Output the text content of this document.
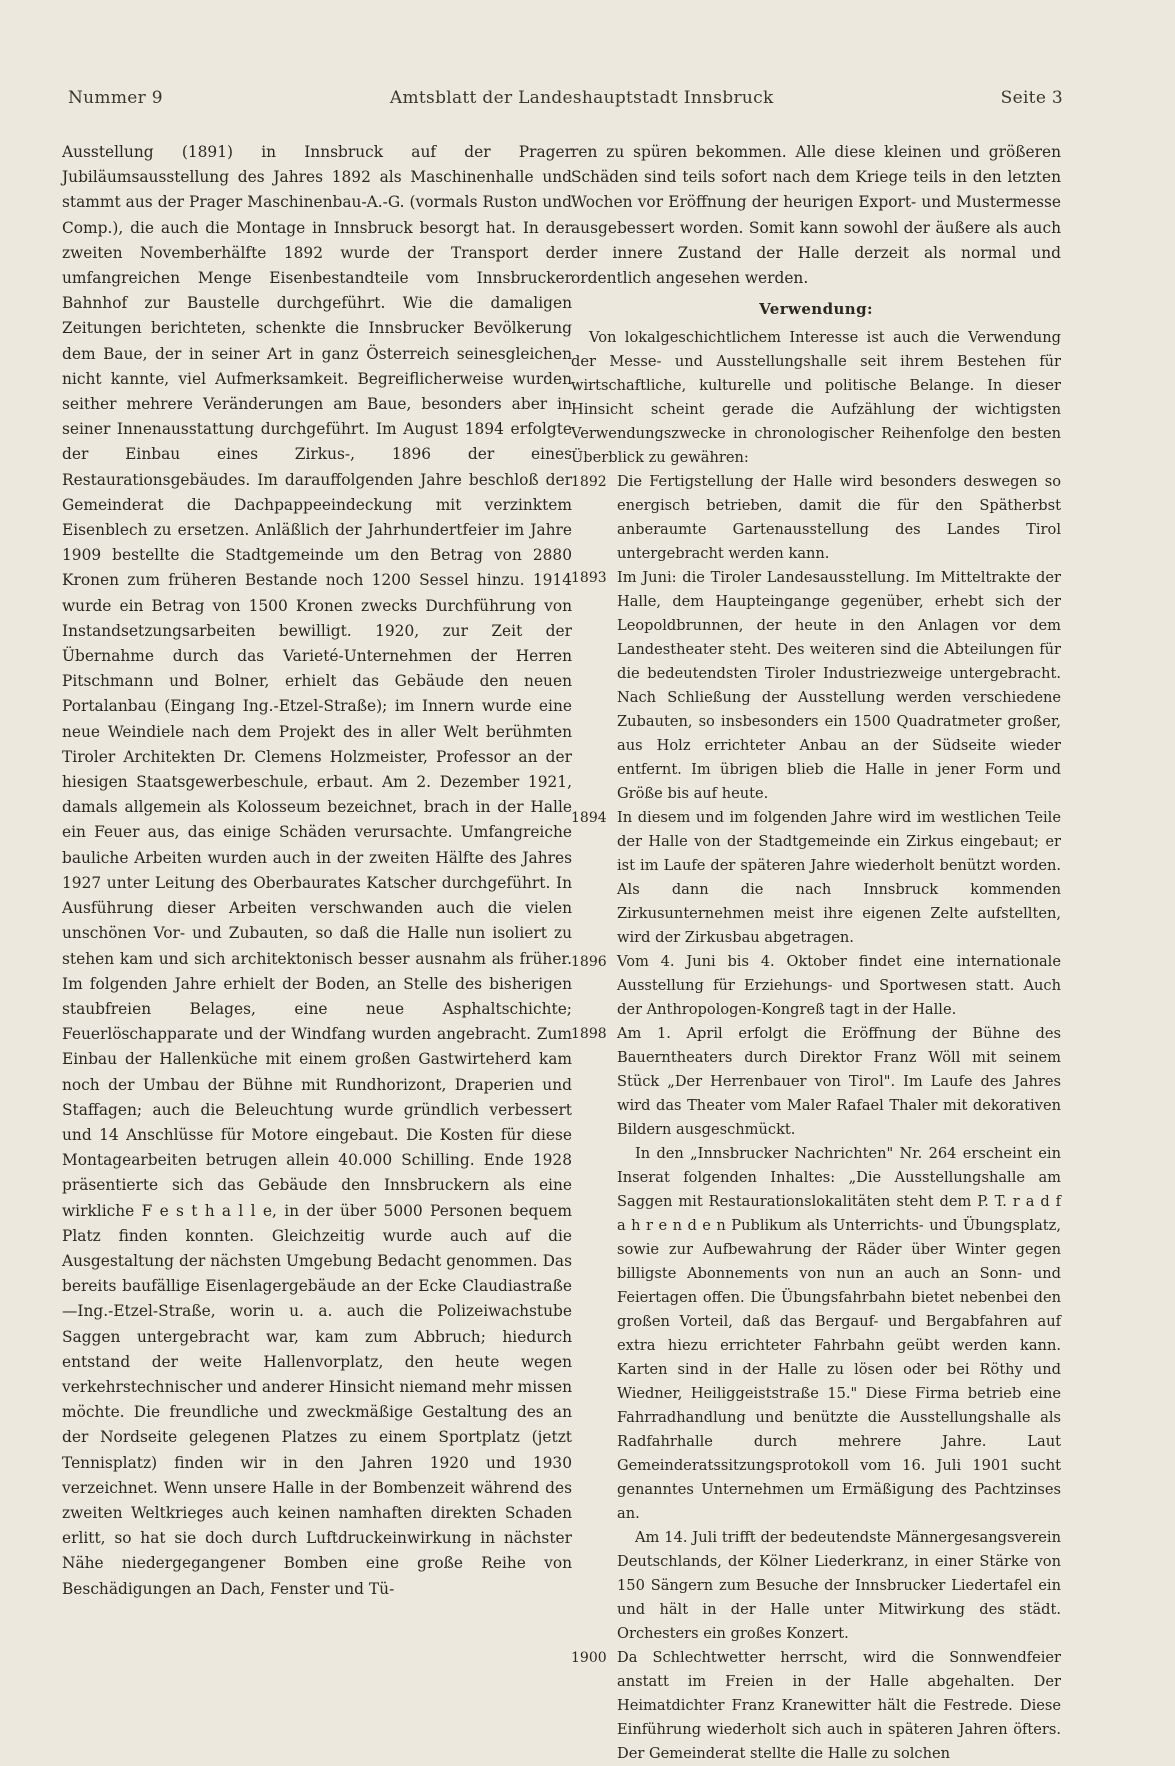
Nummer 9	Amtsblatt der Landeshauptstadt Innsbruck	Seite 3

Ausstellung (1891) in Innsbruck auf der Prager Jubiläumsausstellung des Jahres 1892 als Maschinenhalle und stammt aus der Prager Maschinenbau-A.-G. (vormals Ruston und Comp.), die auch die Montage in Innsbruck besorgt hat. In der zweiten Novemberhälfte 1892 wurde der Transport der umfangreichen Menge Eisenbestandteile vom Innsbrucker Bahnhof zur Baustelle durchgeführt. Wie die damaligen Zeitungen berichteten, schenkte die Innsbrucker Bevölkerung dem Baue, der in seiner Art in ganz Österreich seinesgleichen nicht kannte, viel Aufmerksamkeit. Begreiflicherweise wurden seither mehrere Veränderungen am Baue, besonders aber in seiner Innenausstattung durchgeführt. Im August 1894 erfolgte der Einbau eines Zirkus-, 1896 der eines Restaurationsgebäudes. Im darauffolgenden Jahre beschloß der Gemeinderat die Dachpappeeindeckung mit verzinktem Eisenblech zu ersetzen. Anläßlich der Jahrhundertfeier im Jahre 1909 bestellte die Stadtgemeinde um den Betrag von 2880 Kronen zum früheren Bestande noch 1200 Sessel hinzu. 1914 wurde ein Betrag von 1500 Kronen zwecks Durchführung von Instandsetzungsarbeiten bewilligt. 1920, zur Zeit der Übernahme durch das Varieté-Unternehmen der Herren Pitschmann und Bolner, erhielt das Gebäude den neuen Portalanbau (Eingang Ing.-Etzel-Straße); im Innern wurde eine neue Weindiele nach dem Projekt des in aller Welt berühmten Tiroler Architekten Dr. Clemens Holzmeister, Professor an der hiesigen Staatsgewerbeschule, erbaut. Am 2. Dezember 1921, damals allgemein als Kolosseum bezeichnet, brach in der Halle ein Feuer aus, das einige Schäden verursachte. Umfangreiche bauliche Arbeiten wurden auch in der zweiten Hälfte des Jahres 1927 unter Leitung des Oberbaurates Katscher durchgeführt. In Ausführung dieser Arbeiten verschwanden auch die vielen unschönen Vor- und Zubauten, so daß die Halle nun isoliert zu stehen kam und sich architektonisch besser ausnahm als früher. Im folgenden Jahre erhielt der Boden, an Stelle des bisherigen staubfreien Belages, eine neue Asphaltschichte; Feuerlöschapparate und der Windfang wurden angebracht. Zum Einbau der Hallenküche mit einem großen Gastwirteherd kam noch der Umbau der Bühne mit Rundhorizont, Draperien und Staffagen; auch die Beleuchtung wurde gründlich verbessert und 14 Anschlüsse für Motore eingebaut. Die Kosten für diese Montagearbeiten betrugen allein 40.000 Schilling. Ende 1928 präsentierte sich das Gebäude den Innsbruckern als eine wirkliche F e s t h a l l e, in der über 5000 Personen bequem Platz finden konnten. Gleichzeitig wurde auch auf die Ausgestaltung der nächsten Umgebung Bedacht genommen. Das bereits baufällige Eisenlagergebäude an der Ecke Claudiastraße—Ing.-Etzel-Straße, worin u. a. auch die Polizeiwachstube Saggen untergebracht war, kam zum Abbruch; hiedurch entstand der weite Hallenvorplatz, den heute wegen verkehrstechnischer und anderer Hinsicht niemand mehr missen möchte. Die freundliche und zweckmäßige Gestaltung des an der Nordseite gelegenen Platzes zu einem Sportplatz (jetzt Tennisplatz) finden wir in den Jahren 1920 und 1930 verzeichnet. Wenn unsere Halle in der Bombenzeit während des zweiten Weltkrieges auch keinen namhaften direkten Schaden erlitt, so hat sie doch durch Luftdruckeinwirkung in nächster Nähe niedergegangener Bomben eine große Reihe von Beschädigungen an Dach, Fenster und Tü-

ren zu spüren bekommen. Alle diese kleinen und größeren Schäden sind teils sofort nach dem Kriege teils in den letzten Wochen vor Eröffnung der heurigen Export- und Mustermesse ausgebessert worden. Somit kann sowohl der äußere als auch der innere Zustand der Halle derzeit als normal und ordentlich angesehen werden.

Verwendung:

Von lokalgeschichtlichem Interesse ist auch die Verwendung der Messe- und Ausstellungshalle seit ihrem Bestehen für wirtschaftliche, kulturelle und politische Belange. In dieser Hinsicht scheint gerade die Aufzählung der wichtigsten Verwendungszwecke in chronologischer Reihenfolge den besten Überblick zu gewähren:

1892 Die Fertigstellung der Halle wird besonders deswegen so energisch betrieben, damit die für den Spätherbst anberaumte Gartenausstellung des Landes Tirol untergebracht werden kann.

1893 Im Juni: die Tiroler Landesausstellung. Im Mitteltrakte der Halle, dem Haupteingange gegenüber, erhebt sich der Leopoldbrunnen, der heute in den Anlagen vor dem Landestheater steht. Des weiteren sind die Abteilungen für die bedeutendsten Tiroler Industriezweige untergebracht. Nach Schließung der Ausstellung werden verschiedene Zubauten, so insbesonders ein 1500 Quadratmeter großer, aus Holz errichteter Anbau an der Südseite wieder entfernt. Im übrigen blieb die Halle in jener Form und Größe bis auf heute.

1894 In diesem und im folgenden Jahre wird im westlichen Teile der Halle von der Stadtgemeinde ein Zirkus eingebaut; er ist im Laufe der späteren Jahre wiederholt benützt worden. Als dann die nach Innsbruck kommenden Zirkusunternehmen meist ihre eigenen Zelte aufstellten, wird der Zirkusbau abgetragen.

1896 Vom 4. Juni bis 4. Oktober findet eine internationale Ausstellung für Erziehungs- und Sportwesen statt. Auch der Anthropologen-Kongreß tagt in der Halle.

1898 Am 1. April erfolgt die Eröffnung der Bühne des Bauerntheaters durch Direktor Franz Wöll mit seinem Stück „Der Herrenbauer von Tirol". Im Laufe des Jahres wird das Theater vom Maler Rafael Thaler mit dekorativen Bildern ausgeschmückt.

In den „Innsbrucker Nachrichten" Nr. 264 erscheint ein Inserat folgenden Inhaltes: „Die Ausstellungshalle am Saggen mit Restaurationslokalitäten steht dem P. T. r a d f a h r e n d e n Publikum als Unterrichts- und Übungsplatz, sowie zur Aufbewahrung der Räder über Winter gegen billigste Abonnements von nun an auch an Sonn- und Feiertagen offen. Die Übungsfahrbahn bietet nebenbei den großen Vorteil, daß das Bergauf- und Bergabfahren auf extra hiezu errichteter Fahrbahn geübt werden kann. Karten sind in der Halle zu lösen oder bei Röthy und Wiedner, Heiliggeiststraße 15." Diese Firma betrieb eine Fahrradhandlung und benützte die Ausstellungshalle als Radfahrhalle durch mehrere Jahre. Laut Gemeinderatssitzungsprotokoll vom 16. Juli 1901 sucht genanntes Unternehmen um Ermäßigung des Pachtzinses an.

Am 14. Juli trifft der bedeutendste Männergesangsverein Deutschlands, der Kölner Liederkranz, in einer Stärke von 150 Sängern zum Besuche der Innsbrucker Liedertafel ein und hält in der Halle unter Mitwirkung des städt. Orchesters ein großes Konzert.

1900 Da Schlechtwetter herrscht, wird die Sonnwendfeier anstatt im Freien in der Halle abgehalten. Der Heimatdichter Franz Kranewitter hält die Festrede. Diese Einführung wiederholt sich auch in späteren Jahren öfters. Der Gemeinderat stellte die Halle zu solchen
